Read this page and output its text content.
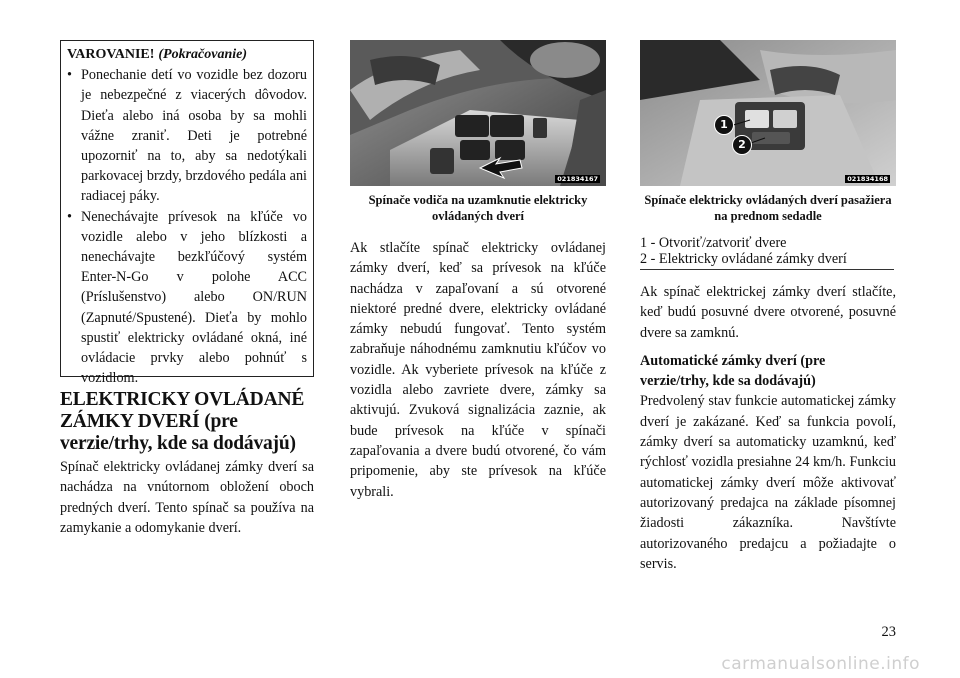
VAROVANIE! (Pokračovanie)
• Ponechanie detí vo vozidle bez dozoru je nebezpečné z viacerých dôvodov. Dieťa alebo iná osoba by sa mohli vážne zraniť. Deti je potrebné upozorniť na to, aby sa nedotýkali parkovacej brzdy, brzdového pedála ani radiacej páky.
• Nenechávajte prívesok na kľúče vo vozidle alebo v jeho blízkosti a nenechávajte bezkľúčový systém Enter-N-Go v polohe ACC (Príslušenstvo) alebo ON/RUN (Zapnuté/Spustené). Dieťa by mohlo spustiť elektricky ovládané okná, iné ovládacie prvky alebo pohnúť s vozidlom.
ELEKTRICKY OVLÁDANÉ ZÁMKY DVERÍ (pre verzie/trhy, kde sa dodávajú)

Spínač elektricky ovládanej zámky dverí sa nachádza na vnútornom obložení oboch predných dverí. Tento spínač sa používa na zamykanie a odomykanie dverí.

021834167

Spínače vodiča na uzamknutie elektricky ovládaných dverí

Ak stlačíte spínač elektricky ovládanej zámky dverí, keď sa prívesok na kľúče nachádza v zapaľovaní a sú otvorené niektoré predné dvere, elektricky ovládané zámky nebudú fungovať. Tento systém zabraňuje náhodnému zamknutiu kľúčov vo vozidle. Ak vyberiete prívesok na kľúče z vozidla alebo zavriete dvere, zámky sa aktivujú. Zvuková signalizácia zaznie, ak bude prívesok na kľúče v spínači zapaľovania a dvere budú otvorené, čo vám pripomenie, aby ste prívesok na kľúče vybrali.

1
2
021834168

Spínače elektricky ovládaných dverí pasažiera na prednom sedadle

1 - Otvoriť/zatvoriť dvere
2 - Elektricky ovládané zámky dverí

Ak spínač elektrickej zámky dverí stlačíte, keď budú posuvné dvere otvorené, posuvné dvere sa zamknú.

Automatické zámky dverí (pre verzie/trhy, kde sa dodávajú)

Predvolený stav funkcie automatickej zámky dverí je zakázané. Keď sa funkcia povolí, zámky dverí sa automaticky uzamknú, keď rýchlosť vozidla presiahne 24 km/h. Funkciu automatickej zámky dverí môže aktivovať autorizovaný predajca na základe písomnej žiadosti zákazníka. Navštívte autorizovaného predajcu a požiadajte o servis.

23
carmanualsonline.info
